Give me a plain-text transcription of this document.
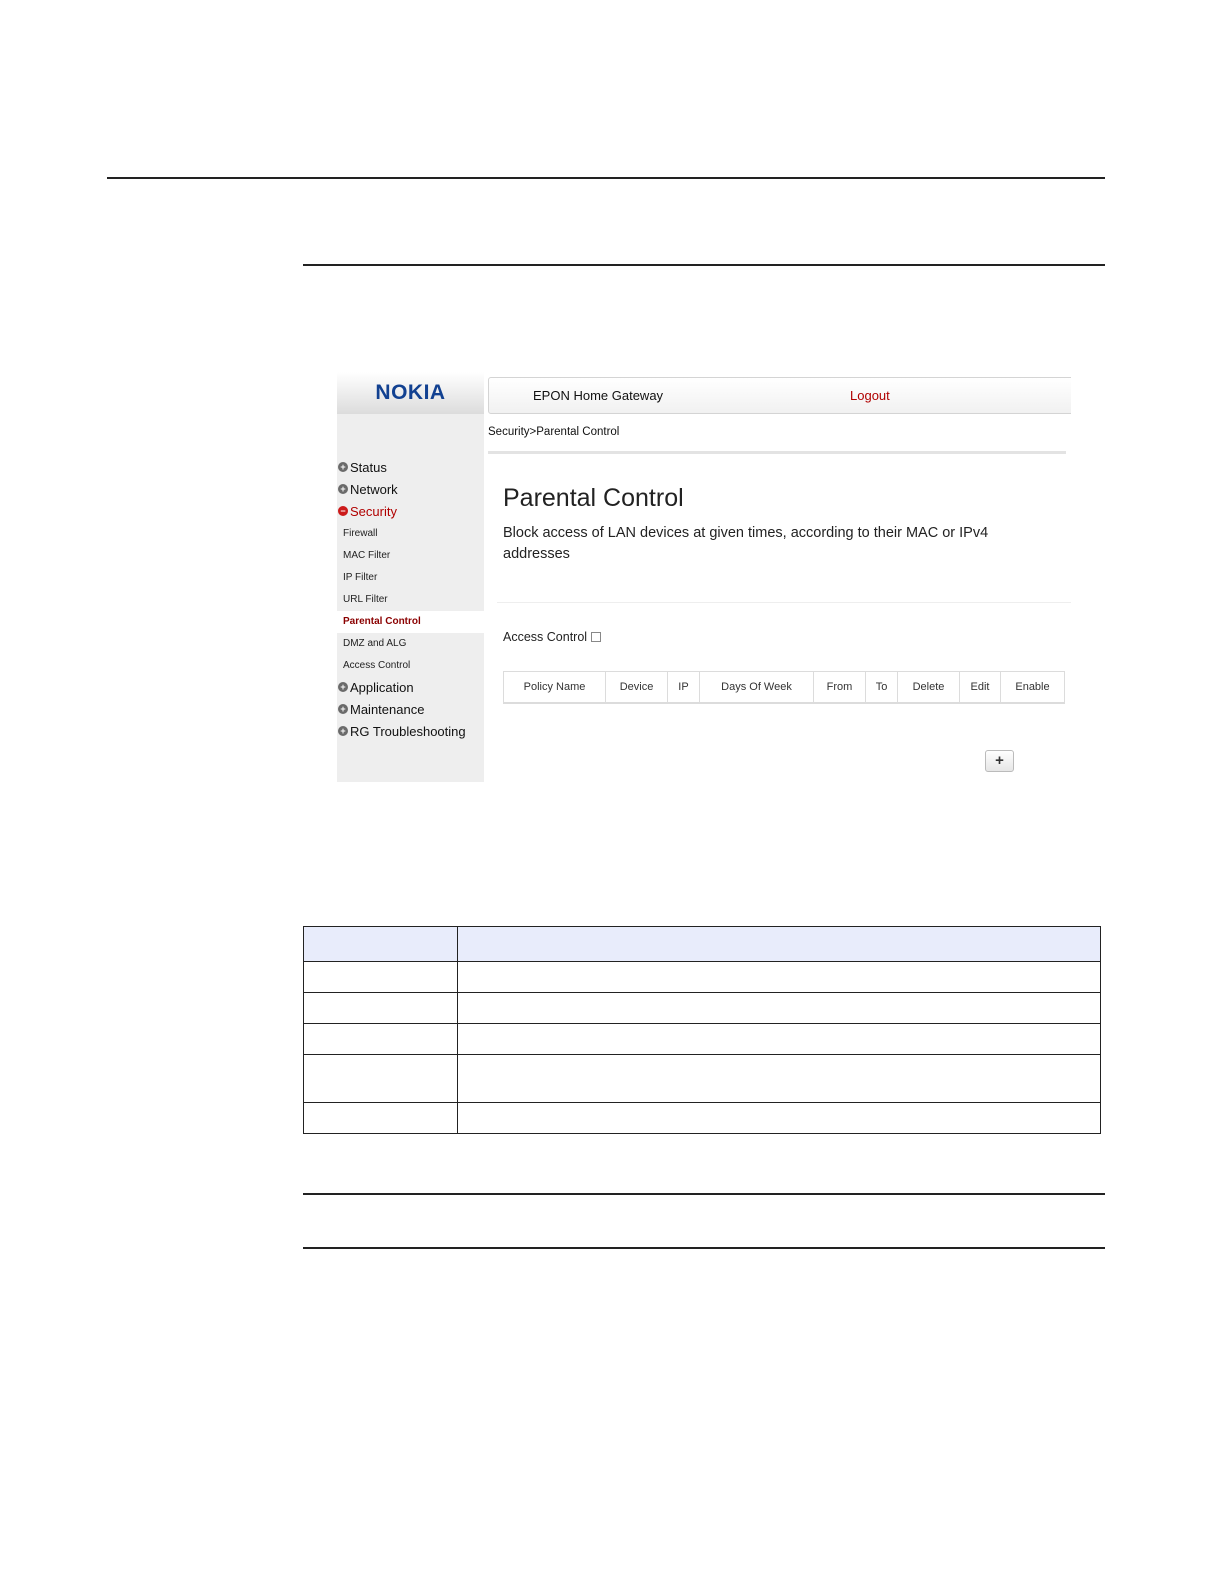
NOKIA
+ Status
+ Network
− Security
Firewall
MAC Filter
IP Filter
URL Filter
Parental Control
DMZ and ALG
Access Control
+ Application
+ Maintenance
+ RG Troubleshooting
EPON Home Gateway	Logout
Security>Parental Control
Parental Control
Block access of LAN devices at given times, according to their MAC or IPv4 addresses
Access Control
Policy Name	Device	IP	Days Of Week	From	To	Delete	Edit	Enable
+
